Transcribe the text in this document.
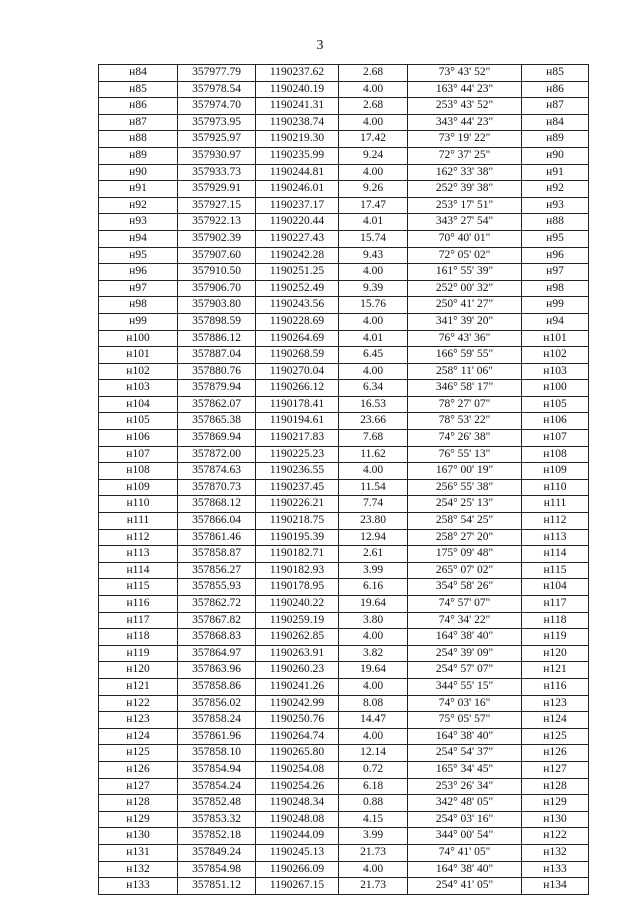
3
н84	357977.79	1190237.62	2.68	73° 43' 52"	н85
н85	357978.54	1190240.19	4.00	163° 44' 23"	н86
н86	357974.70	1190241.31	2.68	253° 43' 52"	н87
н87	357973.95	1190238.74	4.00	343° 44' 23"	н84
н88	357925.97	1190219.30	17.42	73° 19' 22"	н89
н89	357930.97	1190235.99	9.24	72° 37' 25"	н90
н90	357933.73	1190244.81	4.00	162° 33' 38"	н91
н91	357929.91	1190246.01	9.26	252° 39' 38"	н92
н92	357927.15	1190237.17	17.47	253° 17' 51"	н93
н93	357922.13	1190220.44	4.01	343° 27' 54"	н88
н94	357902.39	1190227.43	15.74	70° 40' 01"	н95
н95	357907.60	1190242.28	9.43	72° 05' 02"	н96
н96	357910.50	1190251.25	4.00	161° 55' 39"	н97
н97	357906.70	1190252.49	9.39	252° 00' 32"	н98
н98	357903.80	1190243.56	15.76	250° 41' 27"	н99
н99	357898.59	1190228.69	4.00	341° 39' 20"	н94
н100	357886.12	1190264.69	4.01	76° 43' 36"	н101
н101	357887.04	1190268.59	6.45	166° 59' 55"	н102
н102	357880.76	1190270.04	4.00	258° 11' 06"	н103
н103	357879.94	1190266.12	6.34	346° 58' 17"	н100
н104	357862.07	1190178.41	16.53	78° 27' 07"	н105
н105	357865.38	1190194.61	23.66	78° 53' 22"	н106
н106	357869.94	1190217.83	7.68	74° 26' 38"	н107
н107	357872.00	1190225.23	11.62	76° 55' 13"	н108
н108	357874.63	1190236.55	4.00	167° 00' 19"	н109
н109	357870.73	1190237.45	11.54	256° 55' 38"	н110
н110	357868.12	1190226.21	7.74	254° 25' 13"	н111
н111	357866.04	1190218.75	23.80	258° 54' 25"	н112
н112	357861.46	1190195.39	12.94	258° 27' 20"	н113
н113	357858.87	1190182.71	2.61	175° 09' 48"	н114
н114	357856.27	1190182.93	3.99	265° 07' 02"	н115
н115	357855.93	1190178.95	6.16	354° 58' 26"	н104
н116	357862.72	1190240.22	19.64	74° 57' 07"	н117
н117	357867.82	1190259.19	3.80	74° 34' 22"	н118
н118	357868.83	1190262.85	4.00	164° 38' 40"	н119
н119	357864.97	1190263.91	3.82	254° 39' 09"	н120
н120	357863.96	1190260.23	19.64	254° 57' 07"	н121
н121	357858.86	1190241.26	4.00	344° 55' 15"	н116
н122	357856.02	1190242.99	8.08	74° 03' 16"	н123
н123	357858.24	1190250.76	14.47	75° 05' 57"	н124
н124	357861.96	1190264.74	4.00	164° 38' 40"	н125
н125	357858.10	1190265.80	12.14	254° 54' 37"	н126
н126	357854.94	1190254.08	0.72	165° 34' 45"	н127
н127	357854.24	1190254.26	6.18	253° 26' 34"	н128
н128	357852.48	1190248.34	0.88	342° 48' 05"	н129
н129	357853.32	1190248.08	4.15	254° 03' 16"	н130
н130	357852.18	1190244.09	3.99	344° 00' 54"	н122
н131	357849.24	1190245.13	21.73	74° 41' 05"	н132
н132	357854.98	1190266.09	4.00	164° 38' 40"	н133
н133	357851.12	1190267.15	21.73	254° 41' 05"	н134
